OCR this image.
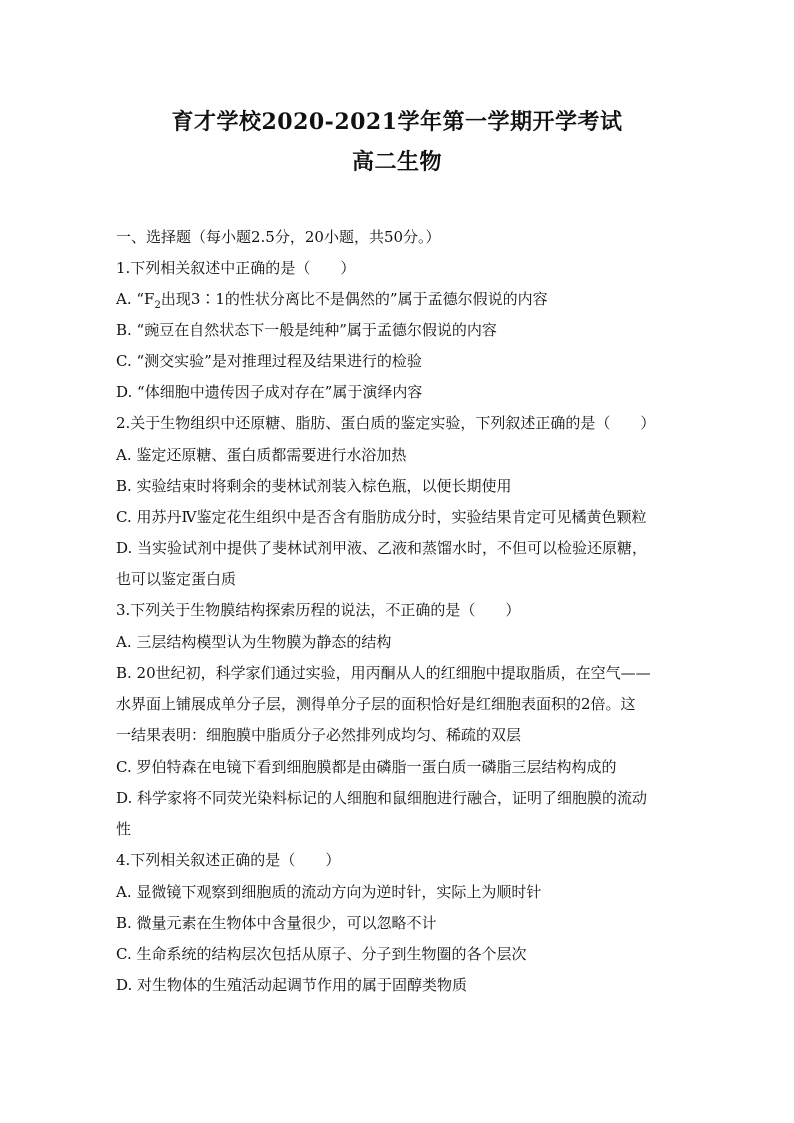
育才学校2020-2021学年第一学期开学考试
高二生物
一、选择题（每小题2.5分，20小题，共50分。）
1.下列相关叙述中正确的是（　　）
A. “$F_2$出现3∶1的性状分离比不是偶然的”属于孟德尔假说的内容
B. “豌豆在自然状态下一般是纯种”属于孟德尔假说的内容
C. “测交实验”是对推理过程及结果进行的检验
D. “体细胞中遗传因子成对存在”属于演绎内容
2.关于生物组织中还原糖、脂肪、蛋白质的鉴定实验，下列叙述正确的是（　　）
A. 鉴定还原糖、蛋白质都需要进行水浴加热
B. 实验结束时将剩余的斐林试剂装入棕色瓶，以便长期使用
C. 用苏丹Ⅳ鉴定花生组织中是否含有脂肪成分时，实验结果肯定可见橘黄色颗粒
D. 当实验试剂中提供了斐林试剂甲液、乙液和蒸馏水时，不但可以检验还原糖，
也可以鉴定蛋白质
3.下列关于生物膜结构探索历程的说法，不正确的是（　　）
A. 三层结构模型认为生物膜为静态的结构
B. 20世纪初，科学家们通过实验，用丙酮从人的红细胞中提取脂质，在空气——
水界面上铺展成单分子层，测得单分子层的面积恰好是红细胞表面积的2倍。这
一结果表明：细胞膜中脂质分子必然排列成均匀、稀疏的双层
C. 罗伯特森在电镜下看到细胞膜都是由磷脂一蛋白质一磷脂三层结构构成的
D. 科学家将不同荧光染料标记的人细胞和鼠细胞进行融合，证明了细胞膜的流动
性
4.下列相关叙述正确的是（　　）
A. 显微镜下观察到细胞质的流动方向为逆时针，实际上为顺时针
B. 微量元素在生物体中含量很少，可以忽略不计
C. 生命系统的结构层次包括从原子、分子到生物圈的各个层次
D. 对生物体的生殖活动起调节作用的属于固醇类物质
